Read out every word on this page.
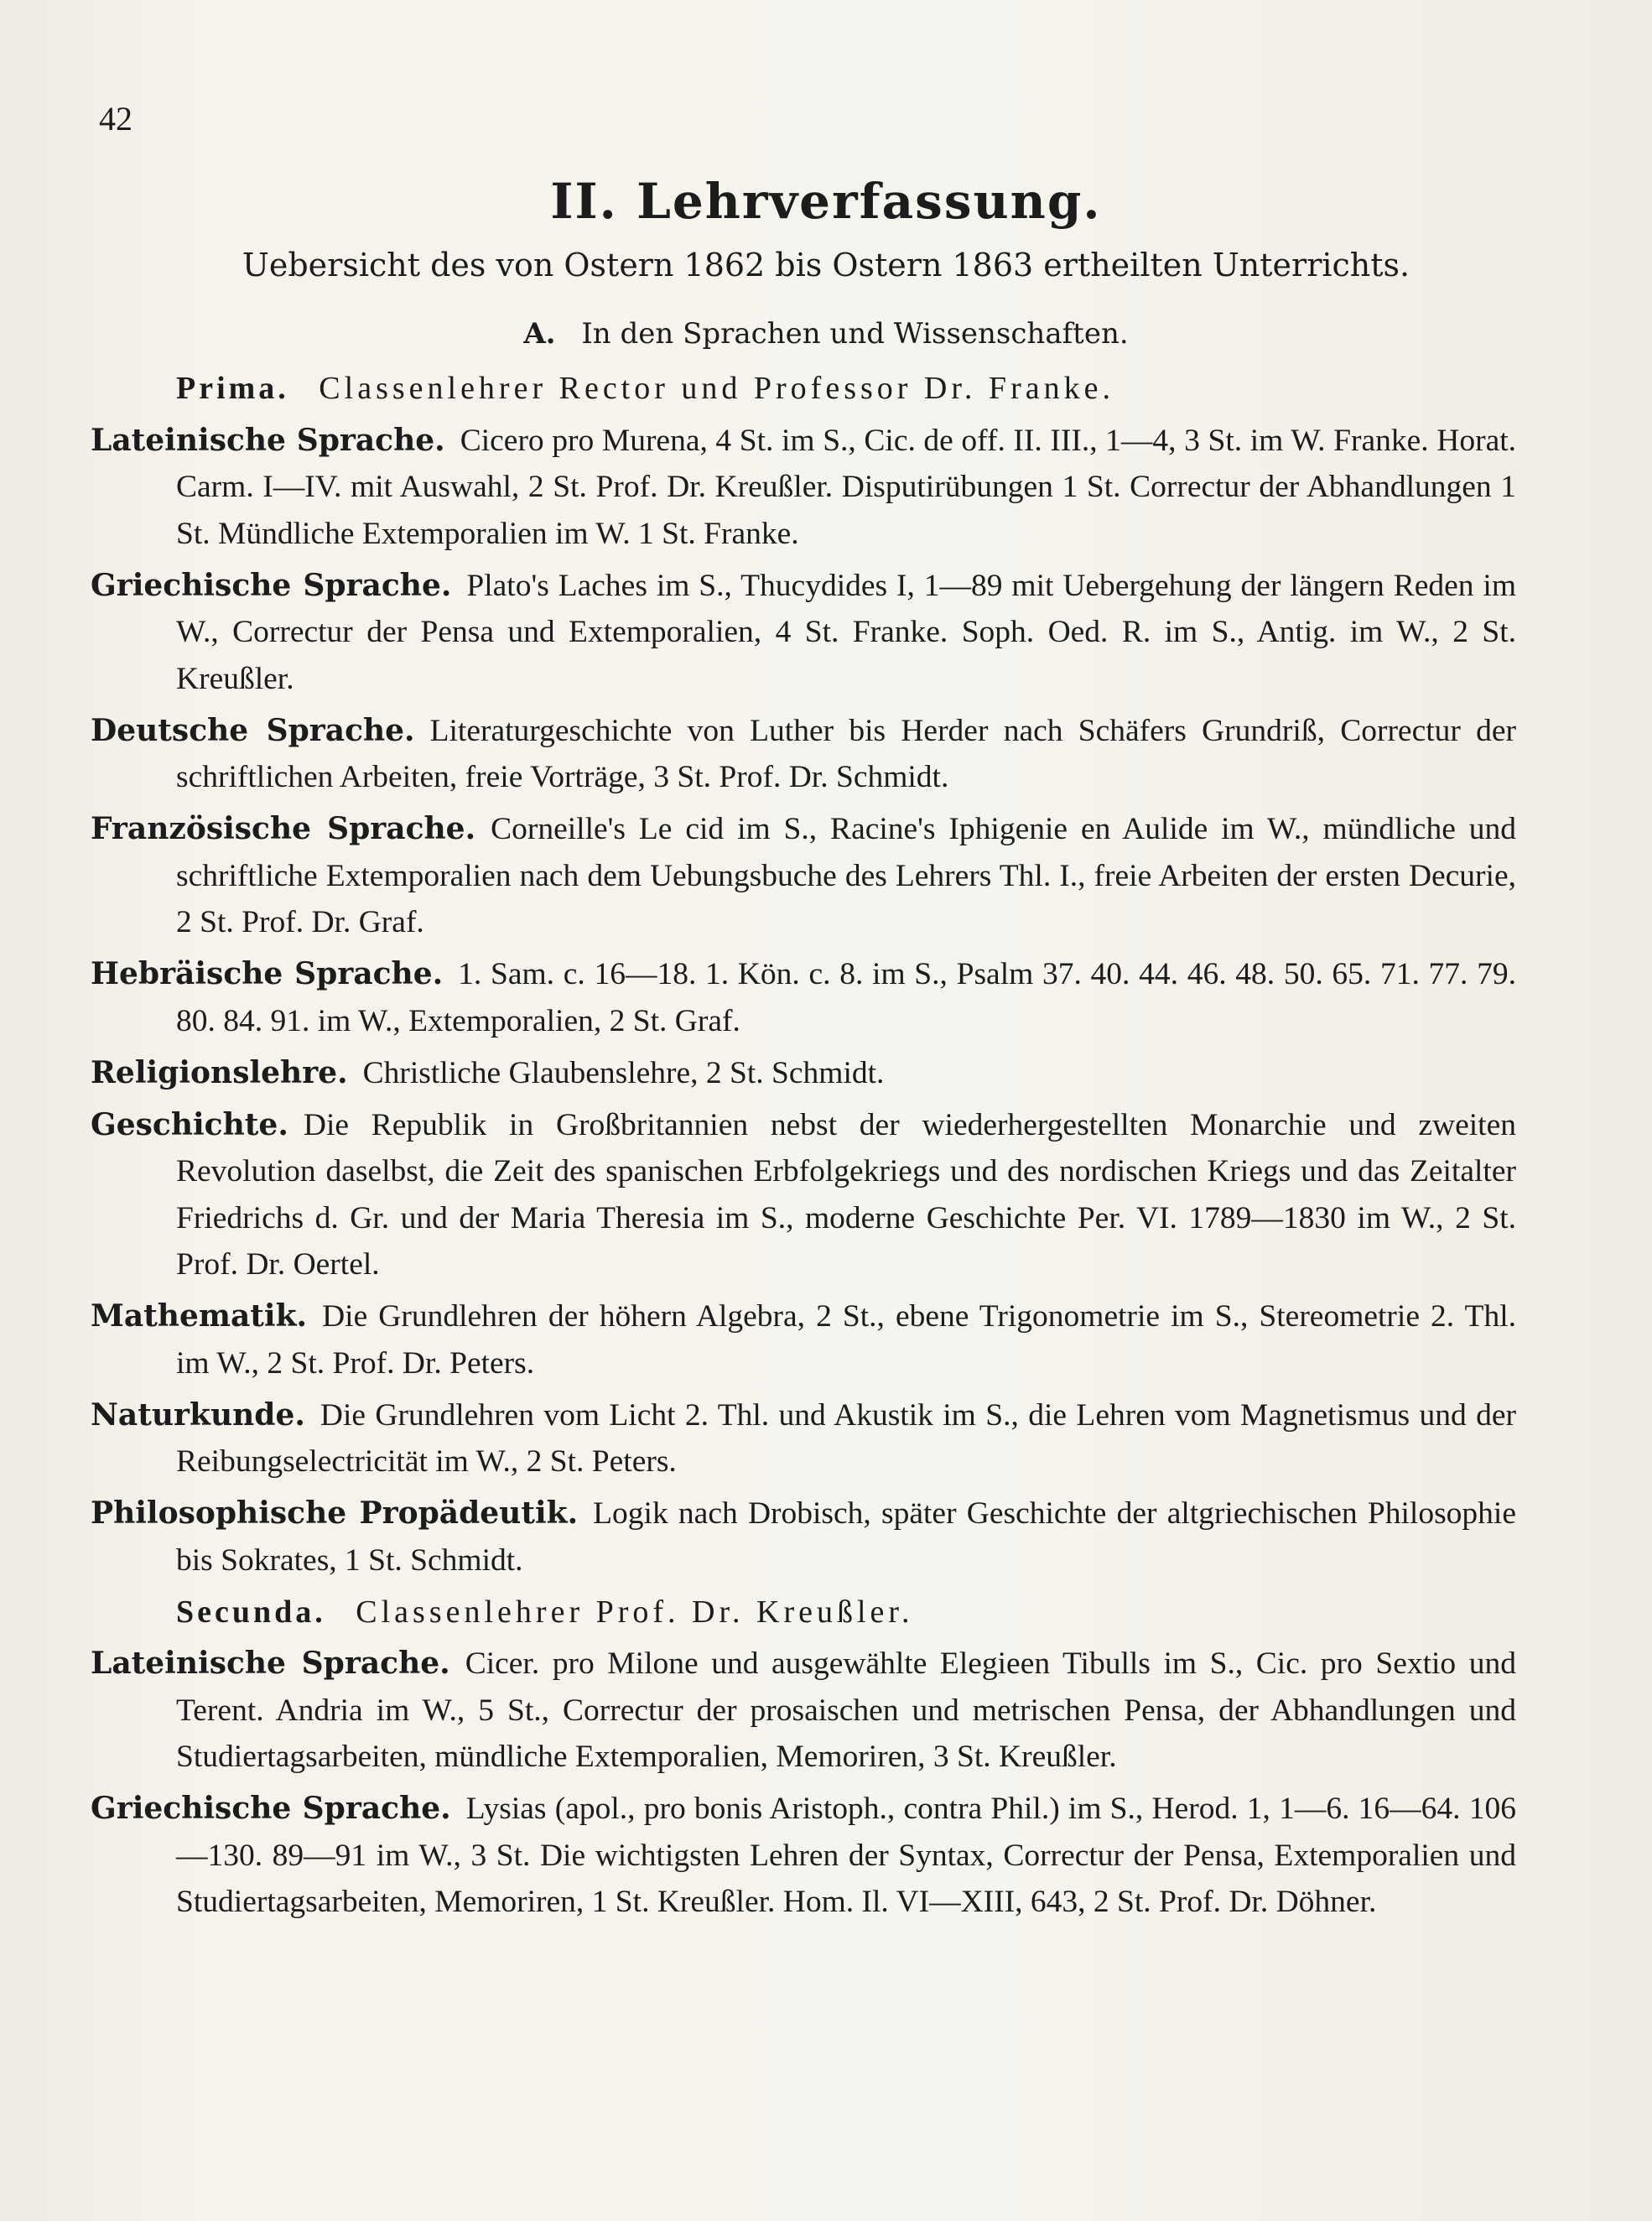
42
II. Lehrverfassung.
Uebersicht des von Ostern 1862 bis Ostern 1863 ertheilten Unterrichts.
A. In den Sprachen und Wissenschaften.
Prima. Classenlehrer Rector und Professor Dr. Franke.
Lateinische Sprache. Cicero pro Murena, 4 St. im S., Cic. de off. II. III., 1—4, 3 St. im W. Franke. Horat. Carm. I—IV. mit Auswahl, 2 St. Prof. Dr. Kreußler. Disputirübungen 1 St. Correctur der Abhandlungen 1 St. Mündliche Extemporalien im W. 1 St. Franke.
Griechische Sprache. Plato's Laches im S., Thucydides I, 1—89 mit Uebergehung der längern Reden im W., Correctur der Pensa und Extemporalien, 4 St. Franke. Soph. Oed. R. im S., Antig. im W., 2 St. Kreußler.
Deutsche Sprache. Literaturgeschichte von Luther bis Herder nach Schäfers Grundriß, Correctur der schriftlichen Arbeiten, freie Vorträge, 3 St. Prof. Dr. Schmidt.
Französische Sprache. Corneille's Le cid im S., Racine's Iphigenie en Aulide im W., mündliche und schriftliche Extemporalien nach dem Uebungsbuche des Lehrers Thl. I., freie Arbeiten der ersten Decurie, 2 St. Prof. Dr. Graf.
Hebräische Sprache. 1. Sam. c. 16—18. 1. Kön. c. 8. im S., Psalm 37. 40. 44. 46. 48. 50. 65. 71. 77. 79. 80. 84. 91. im W., Extemporalien, 2 St. Graf.
Religionslehre. Christliche Glaubenslehre, 2 St. Schmidt.
Geschichte. Die Republik in Großbritannien nebst der wiederhergestellten Monarchie und zweiten Revolution daselbst, die Zeit des spanischen Erbfolgekriegs und des nordischen Kriegs und das Zeitalter Friedrichs d. Gr. und der Maria Theresia im S., moderne Geschichte Per. VI. 1789—1830 im W., 2 St. Prof. Dr. Oertel.
Mathematik. Die Grundlehren der höhern Algebra, 2 St., ebene Trigonometrie im S., Stereometrie 2. Thl. im W., 2 St. Prof. Dr. Peters.
Naturkunde. Die Grundlehren vom Licht 2. Thl. und Akustik im S., die Lehren vom Magnetismus und der Reibungselectricität im W., 2 St. Peters.
Philosophische Propädeutik. Logik nach Drobisch, später Geschichte der altgriechischen Philosophie bis Sokrates, 1 St. Schmidt.
Secunda. Classenlehrer Prof. Dr. Kreußler.
Lateinische Sprache. Cicer. pro Milone und ausgewählte Elegieen Tibulls im S., Cic. pro Sextio und Terent. Andria im W., 5 St., Correctur der prosaischen und metrischen Pensa, der Abhandlungen und Studiertagsarbeiten, mündliche Extemporalien, Memoriren, 3 St. Kreußler.
Griechische Sprache. Lysias (apol., pro bonis Aristoph., contra Phil.) im S., Herod. 1, 1—6. 16—64. 106—130. 89—91 im W., 3 St. Die wichtigsten Lehren der Syntax, Correctur der Pensa, Extemporalien und Studiertagsarbeiten, Memoriren, 1 St. Kreußler. Hom. Il. VI—XIII, 643, 2 St. Prof. Dr. Döhner.
